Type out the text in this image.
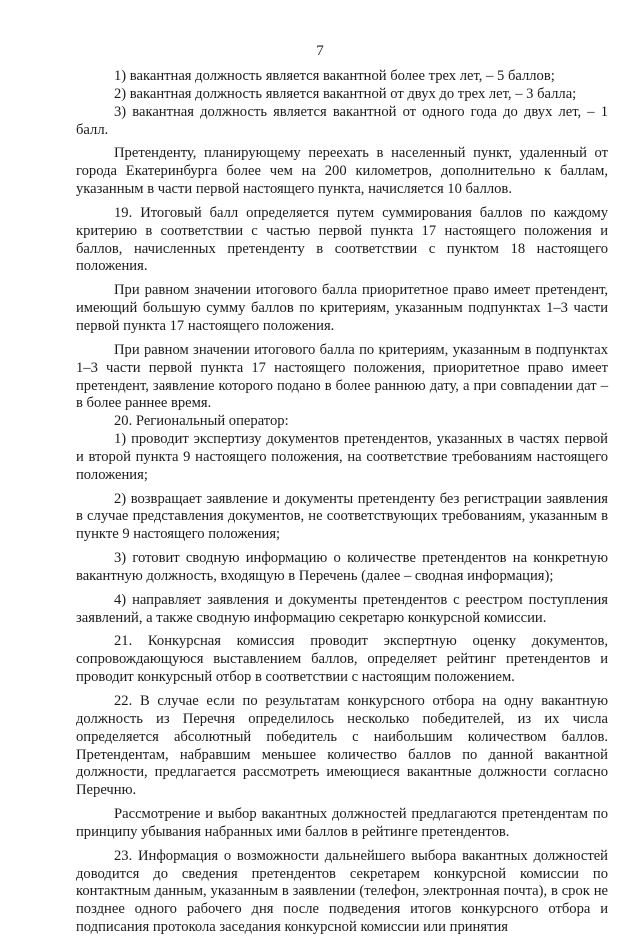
7

1) вакантная должность является вакантной более трех лет, – 5 баллов;

2) вакантная должность является вакантной от двух до трех лет, – 3 балла;

3) вакантная должность является вакантной от одного года до двух лет, – 1 балл.

Претенденту, планирующему переехать в населенный пункт, удаленный от города Екатеринбурга более чем на 200 километров, дополнительно к баллам, указанным в части первой настоящего пункта, начисляется 10 баллов.

19. Итоговый балл определяется путем суммирования баллов по каждому критерию в соответствии с частью первой пункта 17 настоящего положения и баллов, начисленных претенденту в соответствии с пунктом 18 настоящего положения.

При равном значении итогового балла приоритетное право имеет претендент, имеющий большую сумму баллов по критериям, указанным подпунктах 1–3 части первой пункта 17 настоящего положения.

При равном значении итогового балла по критериям, указанным в подпунктах 1–3 части первой пункта 17 настоящего положения, приоритетное право имеет претендент, заявление которого подано в более раннюю дату, а при совпадении дат – в более раннее время.

20. Региональный оператор:

1) проводит экспертизу документов претендентов, указанных в частях первой и второй пункта 9 настоящего положения, на соответствие требованиям настоящего положения;

2) возвращает заявление и документы претенденту без регистрации заявления в случае представления документов, не соответствующих требованиям, указанным в пункте 9 настоящего положения;

3) готовит сводную информацию о количестве претендентов на конкретную вакантную должность, входящую в Перечень (далее – сводная информация);

4) направляет заявления и документы претендентов с реестром поступления заявлений, а также сводную информацию секретарю конкурсной комиссии.

21. Конкурсная комиссия проводит экспертную оценку документов, сопровождающуюся выставлением баллов, определяет рейтинг претендентов и проводит конкурсный отбор в соответствии с настоящим положением.

22. В случае если по результатам конкурсного отбора на одну вакантную должность из Перечня определилось несколько победителей, из их числа определяется абсолютный победитель с наибольшим количеством баллов. Претендентам, набравшим меньшее количество баллов по данной вакантной должности, предлагается рассмотреть имеющиеся вакантные должности согласно Перечню.

Рассмотрение и выбор вакантных должностей предлагаются претендентам по принципу убывания набранных ими баллов в рейтинге претендентов.

23. Информация о возможности дальнейшего выбора вакантных должностей доводится до сведения претендентов секретарем конкурсной комиссии по контактным данным, указанным в заявлении (телефон, электронная почта), в срок не позднее одного рабочего дня после подведения итогов конкурсного отбора и подписания протокола заседания конкурсной комиссии или принятия
